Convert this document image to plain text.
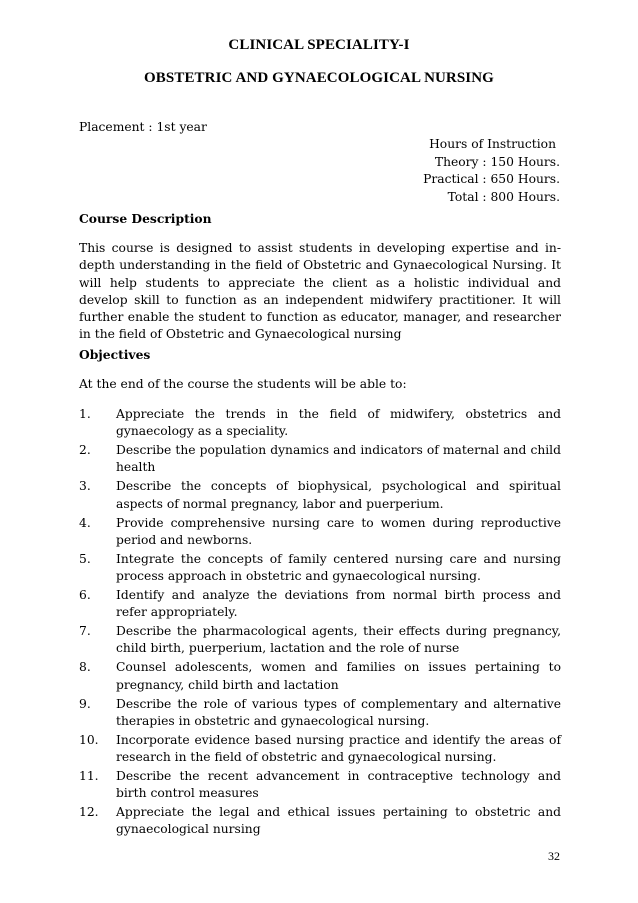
CLINICAL SPECIALITY-I
OBSTETRIC AND GYNAECOLOGICAL NURSING
Placement : 1st year
Hours of Instruction
Theory : 150 Hours.
Practical : 650 Hours.
Total : 800 Hours.
Course Description
This course is designed to assist students in developing expertise and in-depth understanding in the field of Obstetric and Gynaecological Nursing. It will help students to appreciate the client as a holistic individual and develop skill to function as an independent midwifery practitioner. It will further enable the student to function as educator, manager, and researcher in the field of Obstetric and Gynaecological nursing
Objectives
At the end of the course the students will be able to:
1.	Appreciate the trends in the field of midwifery, obstetrics and gynaecology as a speciality.
2.	Describe the population dynamics and indicators of maternal and child health
3.	Describe the concepts of biophysical, psychological and spiritual aspects of normal pregnancy, labor and puerperium.
4.	Provide comprehensive nursing care to women during reproductive period and newborns.
5.	Integrate the concepts of family centered nursing care and nursing process approach in obstetric and gynaecological nursing.
6.	Identify and analyze the deviations from normal birth process and refer appropriately.
7.	Describe the pharmacological agents, their effects during pregnancy, child birth, puerperium, lactation and the role of nurse
8.	Counsel adolescents, women and families on issues pertaining to pregnancy, child birth and lactation
9.	Describe the role of various types of complementary and alternative therapies in obstetric and gynaecological nursing.
10.	Incorporate evidence based nursing practice and identify the areas of research in the field of obstetric and gynaecological nursing.
11.	Describe the recent advancement in contraceptive technology and birth control measures
12.	Appreciate the legal and ethical issues pertaining to obstetric and gynaecological nursing
32
